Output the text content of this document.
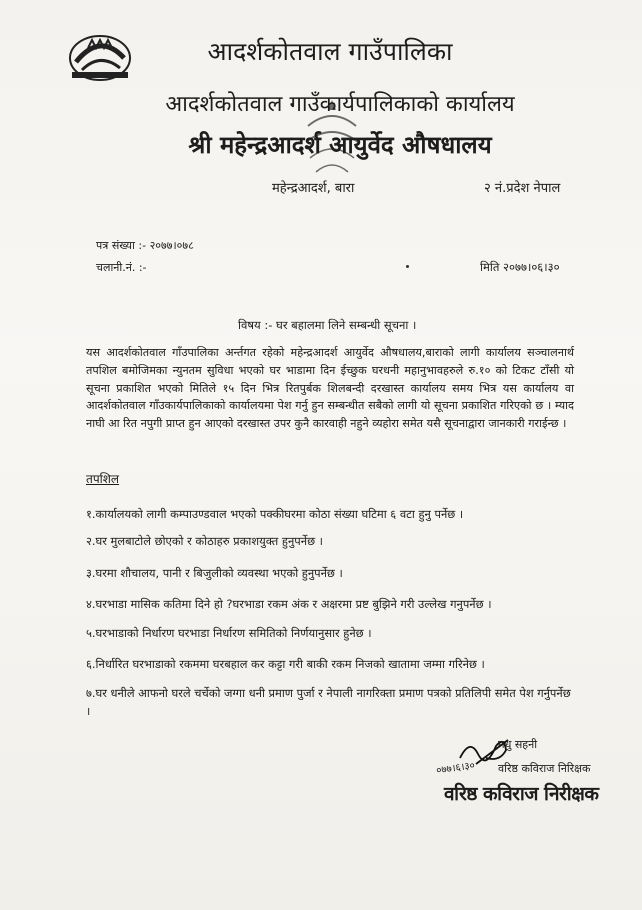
आदर्शकोतवाल गाउँपालिका
आदर्शकोतवाल गाउँकार्यपालिकाको कार्यालय
श्री महेन्द्रआदर्श आयुर्वेद औषधालय
महेन्द्रआदर्श, बारा	२ नं.प्रदेश नेपाल
पत्र संख्या :- २०७७।०७८
चलानी.नं. :-	मिति २०७७।०६।३०
विषय :- घर बहालमा लिने सम्बन्धी सूचना ।

यस आदर्शकोतवाल गाँउपालिका अर्न्तगत रहेको महेन्द्रआदर्श आयुर्वेद औषधालय,बाराको लागी कार्यालय सञ्चालनार्थ तपशिल बमोजिमका न्युनतम सुविधा भएको घर भाडामा दिन ईच्छुक घरधनी महानुभावहरुले रु.१० को टिकट टाँसी यो सूचना प्रकाशित भएको मितिले १५ दिन भित्र रितपुर्बक शिलबन्दी दरखास्त कार्यालय समय भित्र यस कार्यालय वा आदर्शकोतवाल गाँउकार्यपालिकाको कार्यालयमा पेश गर्नु हुन सम्बन्धीत सबैको लागी यो सूचना प्रकाशित गरिएको छ । म्याद नाघी आ रित नपुगी प्राप्त हुन आएको दरखास्त उपर कुनै कारवाही नहुने व्यहोरा समेत यसै सूचनाद्वारा जानकारी गराईन्छ ।

तपशिल

१.कार्यालयको लागी कम्पाउण्डवाल भएको पक्कीघरमा कोठा संख्या घटिमा ६ वटा हुनु पर्नेछ ।

२.घर मुलबाटोले छोएको र कोठाहरु प्रकाशयुक्त हुनुपर्नेछ ।

३.घरमा शौचालय, पानी र बिजुलीको व्यवस्था भएको हुनुपर्नेछ ।

४.घरभाडा मासिक कतिमा दिने हो ?घरभाडा रकम अंक र अक्षरमा प्रष्ट बुझिने गरी उल्लेख गनुपर्नेछ ।

५.घरभाडाको निर्धारण घरभाडा निर्धारण समितिको निर्णयानुसार हुनेछ ।

६.निर्धारित घरभाडाको रकममा घरबहाल कर कट्टा गरी बाकी रकम निजको खातामा जम्मा गरिनेछ ।

७.घर धनीले आफनो घरले चर्चेको जग्गा धनी प्रमाण पुर्जा र नेपाली नागरिक्ता प्रमाण पत्रको प्रतिलिपी समेत पेश गर्नुपर्नेछ ।

मधु सहनी
०७७।६।३० वरिष्ठ कविराज निरिक्षक
वरिष्ठ कविराज निरीक्षक
